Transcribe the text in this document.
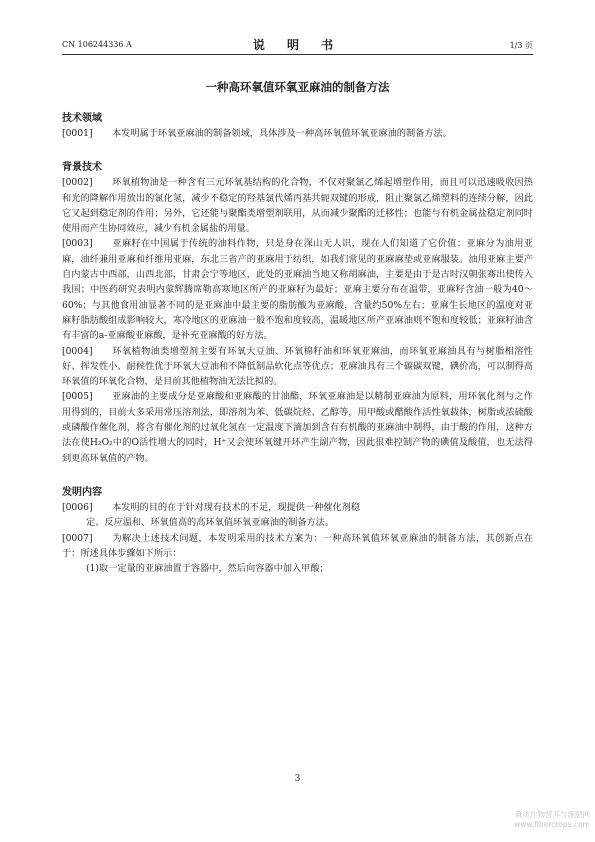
CN 106244336 A	说 明 书	1/3 页
一种高环氧值环氧亚麻油的制备方法
技术领域

[0001] 本发明属于环氧亚麻油的制备领域，具体涉及一种高环氧值环氧亚麻油的制备方法。

背景技术

[0002] 环氧植物油是一种含有三元环氧基结构的化合物，不仅对聚氯乙烯起增塑作用，而且可以迅速吸收因热和光的降解作用放出的氯化氢，减少不稳定的羟基氯代烯丙基共轭双键的形成，阻止聚氯乙烯塑料的连续分解，因此它又起到稳定剂的作用；另外，它还能与聚酯类增塑剂联用，从而减少聚酯的迁移性；也能与有机金属盐稳定剂同时使用而产生协同效应，减少有机金属盐的用量。

[0003] 亚麻籽在中国属于传统的油料作物，只是身在深山无人识，现在人们知道了它价值；亚麻分为油用亚麻，油纤兼用亚麻和纤维用亚麻，东北三省产的亚麻用于纺织，如我们常见的亚麻麻垫或亚麻服装。油用亚麻主要产自内蒙古中西部，山西北部，甘肃会宁等地区，此处的亚麻油当地又称胡麻油，主要是由于是古时汉朝张骞出使传入我国；中医药研究表明内蒙辉腾席勒高寒地区所产的亚麻籽为最好；亚麻主要分布在温带，亚麻籽含油一般为40～60%；与其他食用油显著不同的是亚麻油中最主要的脂肪酸为亚麻酸，含量约50%左右；亚麻生长地区的温度对亚麻籽脂肪酸组成影响较大，寒冷地区的亚麻油一般不饱和度较高，温暖地区所产亚麻油则不饱和度较低；亚麻籽油含有丰富的a-亚麻酸亚麻酸，是补充亚麻酸的好方法。

[0004] 环氧植物油类增塑剂主要有环氧大豆油、环氧棉籽油和环氧亚麻油，而环氧亚麻油具有与树脂相溶性好、挥发性小、耐候性优于环氧大豆油和不降低制品软化点等优点；亚麻油具有三个碳碳双键，碘价高，可以制得高环氧值的环氧化合物，是目前其他植物油无法比拟的。

[0005] 亚麻油的主要成分是亚麻酸和亚麻酸的甘油酯，环氧亚麻油是以精制亚麻油为原料，用环氧化剂与之作用得到的，目前大多采用常压溶剂法，即溶剂为苯、低碳烷烃、乙醇等，用甲酸或醋酸作活性氧载体，树脂或浓硫酸或磷酸作催化剂，将含有催化剂的过氧化氢在一定温度下滴加到含有有机酸的亚麻油中制得，由于酸的作用，这种方法在使H₂O₂中的O活性增大的同时，H⁺又会使环氧键开环产生副产物，因此很难控制产物的碘值及酸值，也无法得到更高环氧值的产物。

发明内容

[0006] 本发明的目的在于针对现有技术的不足，现提供一种催化剂稳

定、反应温和、环氧值高的高环氧值环氧亚麻油的制备方法。

[0007] 为解决上述技术问题，本发明采用的技术方案为：一种高环氧值环氧亚麻油的制备方法，其创新点在于：所述具体步骤如下所示：

(1)取一定量的亚麻油置于容器中，然后向容器中加入甲酸；

3
麻类作物营养与施肥网
www.fibercrops.com
